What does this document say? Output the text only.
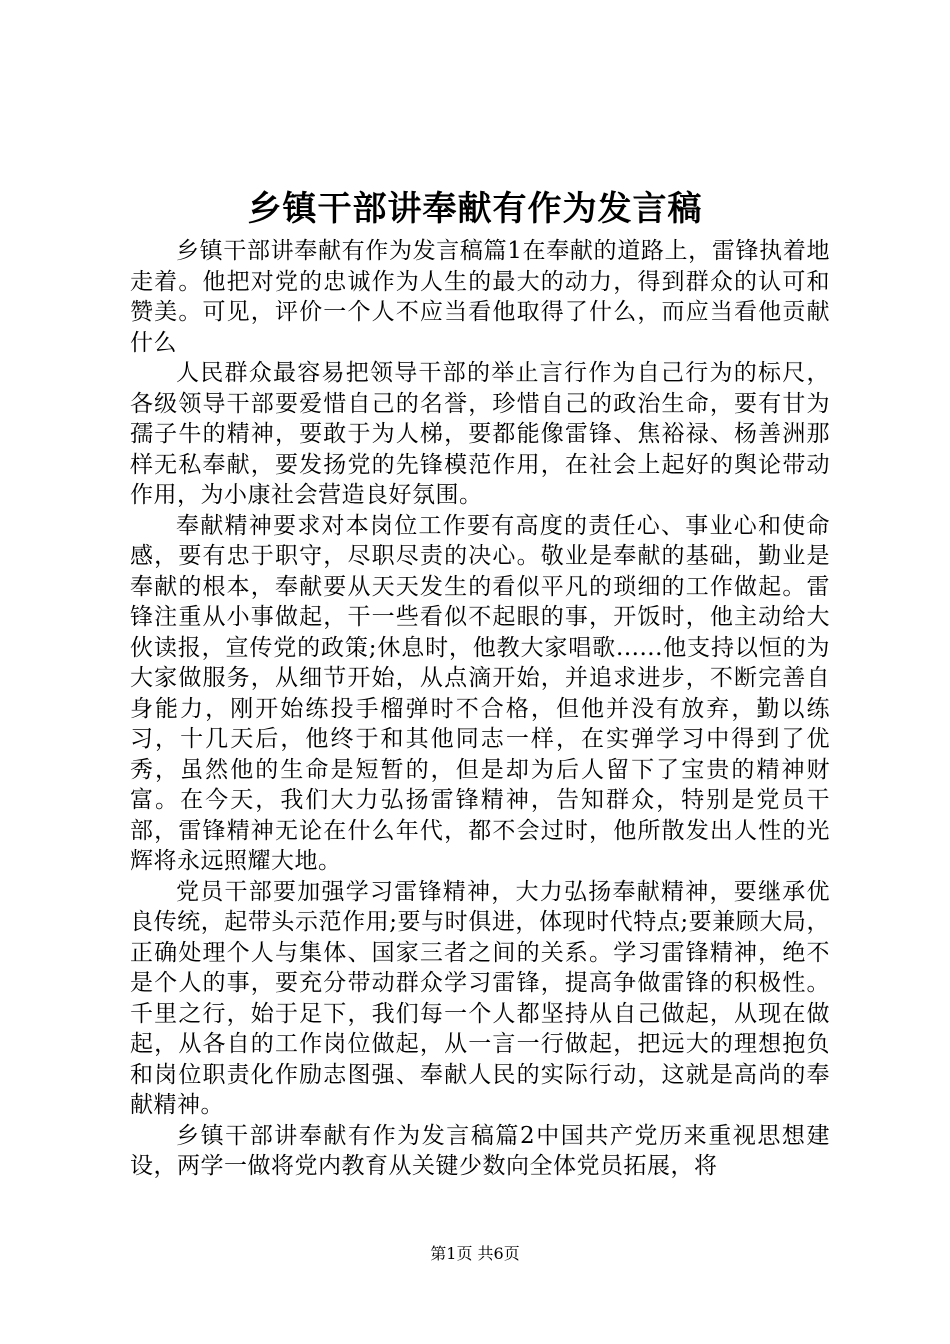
乡镇干部讲奉献有作为发言稿

乡镇干部讲奉献有作为发言稿篇1在奉献的道路上，雷锋执着地走着。他把对党的忠诚作为人生的最大的动力，得到群众的认可和赞美。可见，评价一个人不应当看他取得了什么，而应当看他贡献什么

人民群众最容易把领导干部的举止言行作为自己行为的标尺，各级领导干部要爱惜自己的名誉，珍惜自己的政治生命，要有甘为孺子牛的精神，要敢于为人梯，要都能像雷锋、焦裕禄、杨善洲那样无私奉献，要发扬党的先锋模范作用，在社会上起好的舆论带动作用，为小康社会营造良好氛围。

奉献精神要求对本岗位工作要有高度的责任心、事业心和使命感，要有忠于职守，尽职尽责的决心。敬业是奉献的基础，勤业是奉献的根本，奉献要从天天发生的看似平凡的琐细的工作做起。雷锋注重从小事做起，干一些看似不起眼的事，开饭时，他主动给大伙读报，宣传党的政策;休息时，他教大家唱歌......他支持以恒的为大家做服务，从细节开始，从点滴开始，并追求进步，不断完善自身能力，刚开始练投手榴弹时不合格，但他并没有放弃，勤以练习，十几天后，他终于和其他同志一样，在实弹学习中得到了优秀，虽然他的生命是短暂的，但是却为后人留下了宝贵的精神财富。在今天，我们大力弘扬雷锋精神，告知群众，特别是党员干部，雷锋精神无论在什么年代，都不会过时，他所散发出人性的光辉将永远照耀大地。

党员干部要加强学习雷锋精神，大力弘扬奉献精神，要继承优良传统，起带头示范作用;要与时俱进，体现时代特点;要兼顾大局，正确处理个人与集体、国家三者之间的关系。学习雷锋精神，绝不是个人的事，要充分带动群众学习雷锋，提高争做雷锋的积极性。千里之行，始于足下，我们每一个人都坚持从自己做起，从现在做起，从各自的工作岗位做起，从一言一行做起，把远大的理想抱负和岗位职责化作励志图强、奉献人民的实际行动，这就是高尚的奉献精神。

乡镇干部讲奉献有作为发言稿篇2中国共产党历来重视思想建设，两学一做将党内教育从关键少数向全体党员拓展，将

第1页 共6页
